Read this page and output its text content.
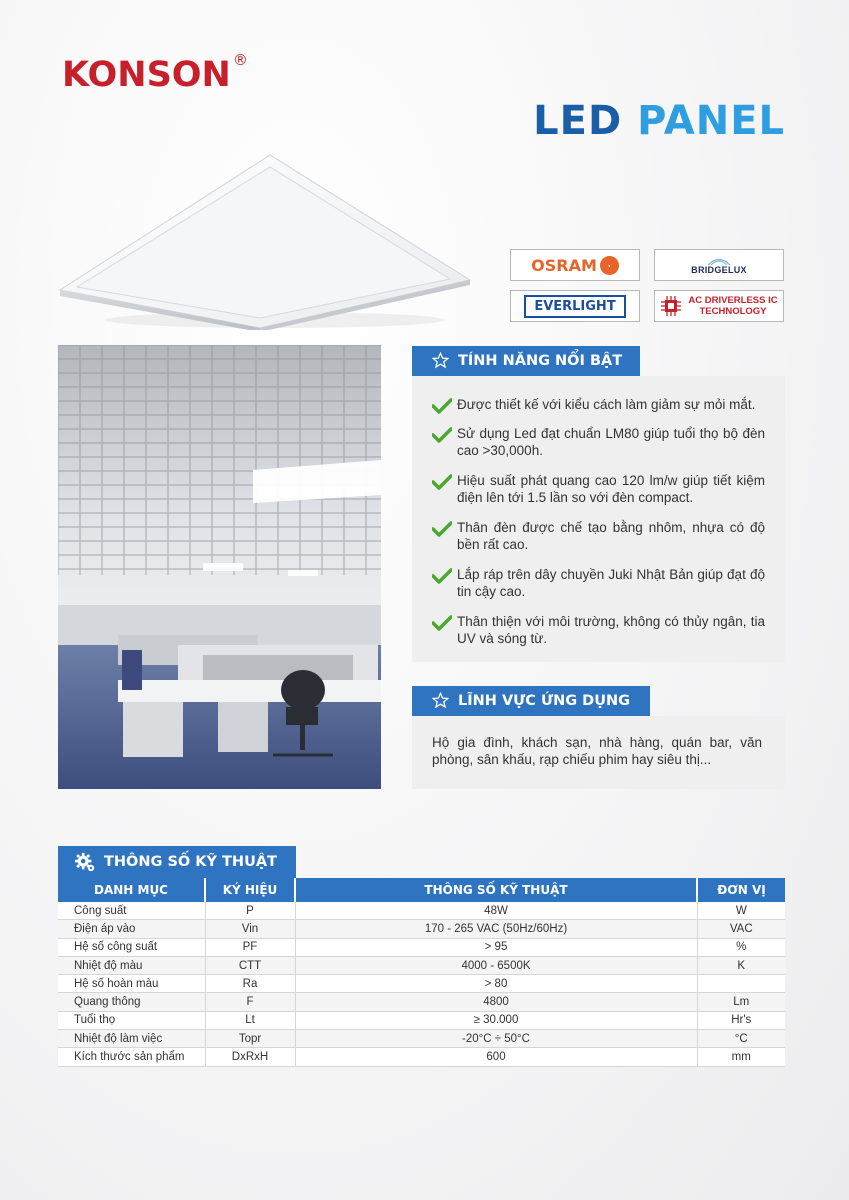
KONSON ®
LED PANEL
OSRAM	●	BRIDGELUX
EVERLIGHT	AC DRIVERLESS IC
TECHNOLOGY
TÍNH NĂNG NỔI BẬT
Được thiết kế với kiểu cách làm giảm sự mỏi mắt.
Sử dụng Led đạt chuẩn LM80 giúp tuổi thọ bộ đèn cao >30,000h.
Hiệu suất phát quang cao 120 lm/w giúp tiết kiệm điện lên tới 1.5 lần so với đèn compact.
Thân đèn được chế tạo bằng nhôm, nhựa có độ bền rất cao.
Lắp ráp trên dây chuyền Juki Nhật Bản giúp đạt độ tin cậy cao.
Thân thiện với môi trường, không có thủy ngân, tia UV và sóng từ.
LĨNH VỰC ỨNG DỤNG
Hộ gia đình, khách sạn, nhà hàng, quán bar, văn phòng, sân khấu, rạp chiếu phim hay siêu thị...
THÔNG SỐ KỸ THUẬT
DANH MỤC	KÝ HIỆU	THÔNG SỐ KỸ THUẬT	ĐƠN VỊ
Công suất	P	48W	W
Điện áp vào	Vin	170 - 265 VAC (50Hz/60Hz)	VAC
Hệ số công suất	PF	> 95	%
Nhiệt độ màu	CTT	4000 - 6500K	K
Hệ số hoàn màu	Ra	> 80	
Quang thông	F	4800	Lm
Tuổi thọ	Lt	≥ 30.000	Hr's
Nhiệt độ làm việc	Topr	-20°C ÷ 50°C	°C
Kích thước sản phẩm	DxRxH	600	mm
